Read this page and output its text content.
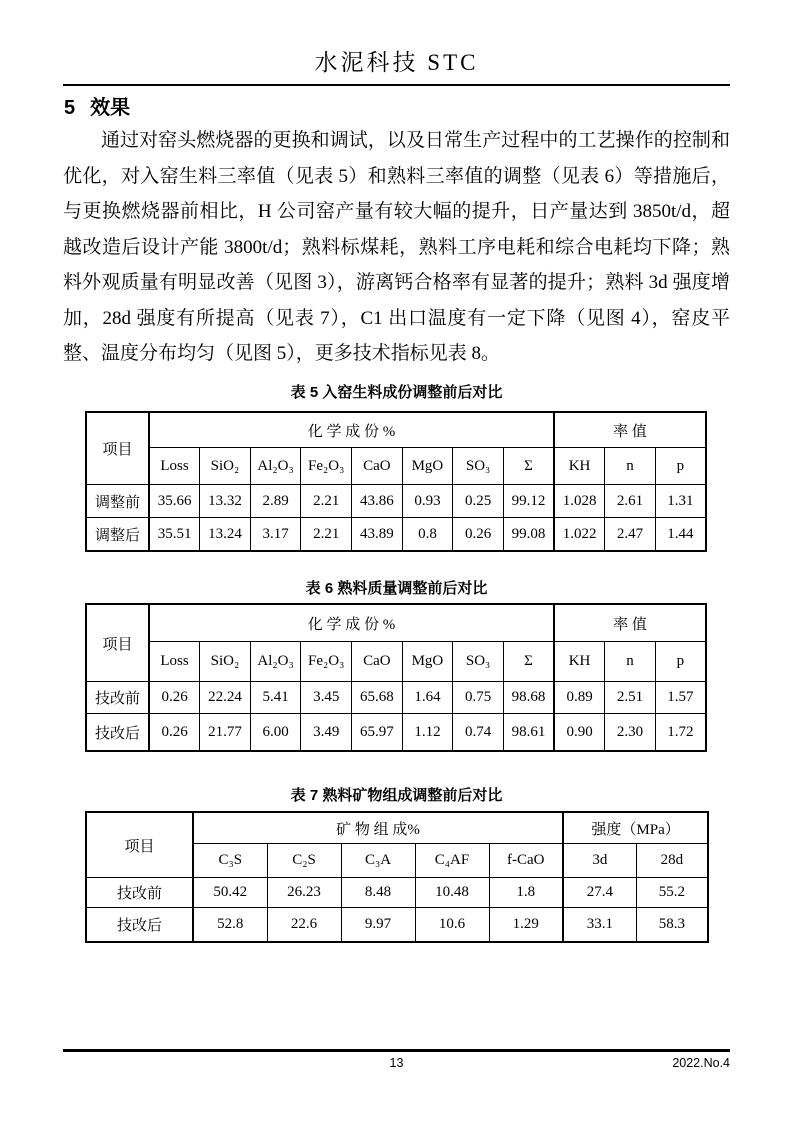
水泥科技 STC
5 效果

通过对窑头燃烧器的更换和调试，以及日常生产过程中的工艺操作的控制和优化，对入窑生料三率值（见表 5）和熟料三率值的调整（见表 6）等措施后，与更换燃烧器前相比，H 公司窑产量有较大幅的提升，日产量达到 3850t/d，超越改造后设计产能 3800t/d；熟料标煤耗，熟料工序电耗和综合电耗均下降；熟料外观质量有明显改善（见图 3），游离钙合格率有显著的提升；熟料 3d 强度增加，28d 强度有所提高（见表 7），C1 出口温度有一定下降（见图 4），窑皮平整、温度分布均匀（见图 5），更多技术指标见表 8。

表 5 入窑生料成份调整前后对比
项目	化 学 成 份 %								率 值		
	Loss	SiO₂	Al₂O₃	Fe₂O₃	CaO	MgO	SO₃	Σ	KH	n	p
调整前	35.66	13.32	2.89	2.21	43.86	0.93	0.25	99.12	1.028	2.61	1.31
调整后	35.51	13.24	3.17	2.21	43.89	0.8	0.26	99.08	1.022	2.47	1.44
表 6 熟料质量调整前后对比
项目	化 学 成 份 %								率 值		
	Loss	SiO₂	Al₂O₃	Fe₂O₃	CaO	MgO	SO₃	Σ	KH	n	p
技改前	0.26	22.24	5.41	3.45	65.68	1.64	0.75	98.68	0.89	2.51	1.57
技改后	0.26	21.77	6.00	3.49	65.97	1.12	0.74	98.61	0.90	2.30	1.72
表 7 熟料矿物组成调整前后对比
项目	矿 物 组 成%					强度（MPa）	
	C₃S	C₂S	C₃A	C₄AF	f-CaO	3d	28d
技改前	50.42	26.23	8.48	10.48	1.8	27.4	55.2
技改后	52.8	22.6	9.97	10.6	1.29	33.1	58.3
13	2022.No.4
